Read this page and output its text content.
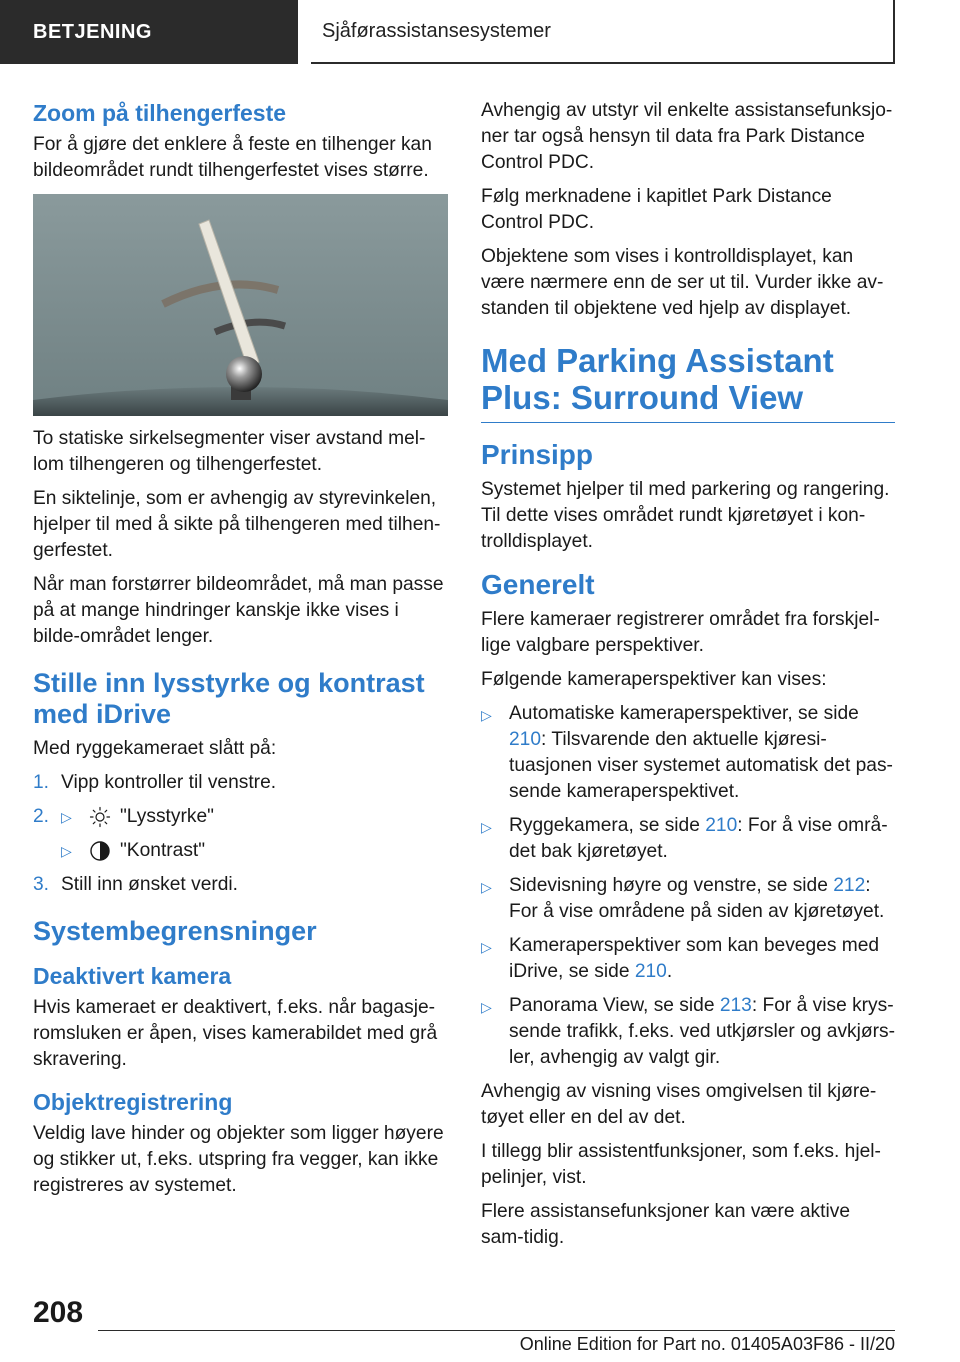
BETJENING	Sjåførassistansesystemer
Zoom på tilhengerfeste

For å gjøre det enklere å feste en tilhenger kan bildeområdet rundt tilhengerfestet vises større.

To statiske sirkelsegmenter viser avstand mel-lom tilhengeren og tilhengerfestet.

En siktelinje, som er avhengig av styrevinkelen, hjelper til med å sikte på tilhengeren med tilhen-gerfestet.

Når man forstørrer bildeområdet, må man passe på at mange hindringer kanskje ikke vises i bilde-området lenger.

Stille inn lysstyrke og kontrast med iDrive

Med ryggekameraet slått på:

1. Vipp kontroller til venstre.
2. ▷	"Lysstyrke"
▷	"Kontrast"
3. Still inn ønsket verdi.
Systembegrensninger
Deaktivert kamera

Hvis kameraet er deaktivert, f.eks. når bagasje-romsluken er åpen, vises kamerabildet med grå skravering.

Objektregistrering

Veldig lave hinder og objekter som ligger høyere og stikker ut, f.eks. utspring fra vegger, kan ikke registreres av systemet.

Avhengig av utstyr vil enkelte assistansefunksjo-ner tar også hensyn til data fra Park Distance Control PDC.

Følg merknadene i kapitlet Park Distance Control PDC.

Objektene som vises i kontrolldisplayet, kan være nærmere enn de ser ut til. Vurder ikke av-standen til objektene ved hjelp av displayet.

Med Parking Assistant Plus: Surround View
Prinsipp

Systemet hjelper til med parkering og rangering. Til dette vises området rundt kjøretøyet i kon-trolldisplayet.

Generelt

Flere kameraer registrerer området fra forskjel-lige valgbare perspektiver.

Følgende kameraperspektiver kan vises:

▷ Automatiske kameraperspektiver, se side 210: Tilsvarende den aktuelle kjøresi-tuasjonen viser systemet automatisk det pas-sende kameraperspektivet.
▷ Ryggekamera, se side 210: For å vise områ-det bak kjøretøyet.
▷ Sidevisning høyre og venstre, se side 212: For å vise områdene på siden av kjøretøyet.
▷ Kameraperspektiver som kan beveges med iDrive, se side 210.
▷ Panorama View, se side 213: For å vise krys-sende trafikk, f.eks. ved utkjørsler og avkjørs-ler, avhengig av valgt gir.

Avhengig av visning vises omgivelsen til kjøre-tøyet eller en del av det.

I tillegg blir assistentfunksjoner, som f.eks. hjel-pelinjer, vist.

Flere assistansefunksjoner kan være aktive sam-tidig.

208
Online Edition for Part no. 01405A03F86 - II/20
